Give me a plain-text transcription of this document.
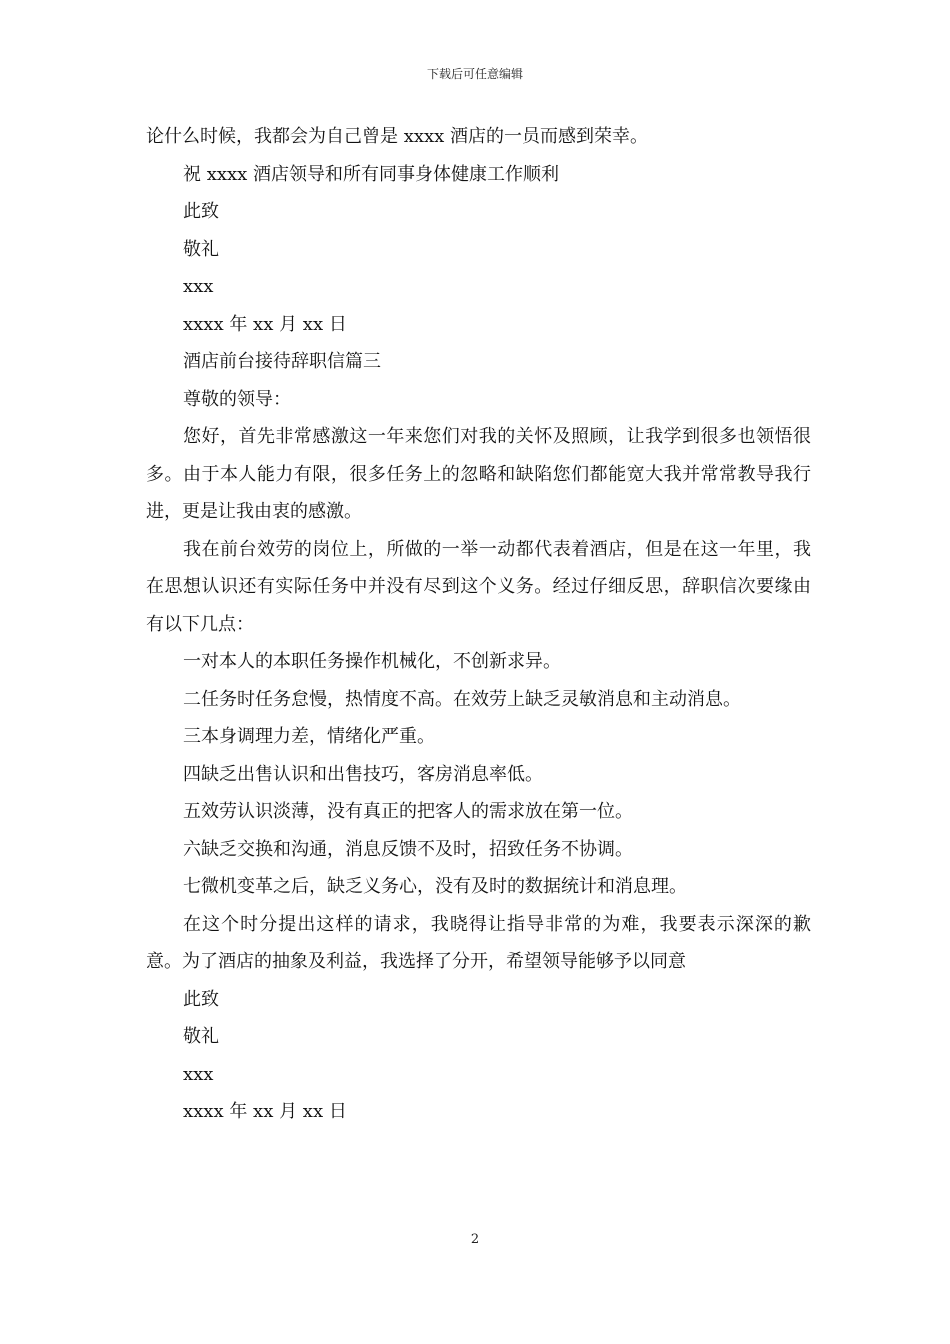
下载后可任意编辑
论什么时候，我都会为自己曾是 xxxx 酒店的一员而感到荣幸。
祝 xxxx 酒店领导和所有同事身体健康工作顺利
此致
敬礼
xxx
xxxx 年 xx 月 xx 日
酒店前台接待辞职信篇三
尊敬的领导：

您好，首先非常感激这一年来您们对我的关怀及照顾，让我学到很多也领悟很多。由于本人能力有限，很多任务上的忽略和缺陷您们都能宽大我并常常教导我行进，更是让我由衷的感激。

我在前台效劳的岗位上，所做的一举一动都代表着酒店，但是在这一年里，我在思想认识还有实际任务中并没有尽到这个义务。经过仔细反思，辞职信次要缘由有以下几点：

一对本人的本职任务操作机械化，不创新求异。
二任务时任务怠慢，热情度不高。在效劳上缺乏灵敏消息和主动消息。
三本身调理力差，情绪化严重。
四缺乏出售认识和出售技巧，客房消息率低。
五效劳认识淡薄，没有真正的把客人的需求放在第一位。
六缺乏交换和沟通，消息反馈不及时，招致任务不协调。
七微机变革之后，缺乏义务心，没有及时的数据统计和消息理。

在这个时分提出这样的请求，我晓得让指导非常的为难，我要表示深深的歉意。为了酒店的抽象及利益，我选择了分开，希望领导能够予以同意

此致
敬礼
xxx
xxxx 年 xx 月 xx 日
2
